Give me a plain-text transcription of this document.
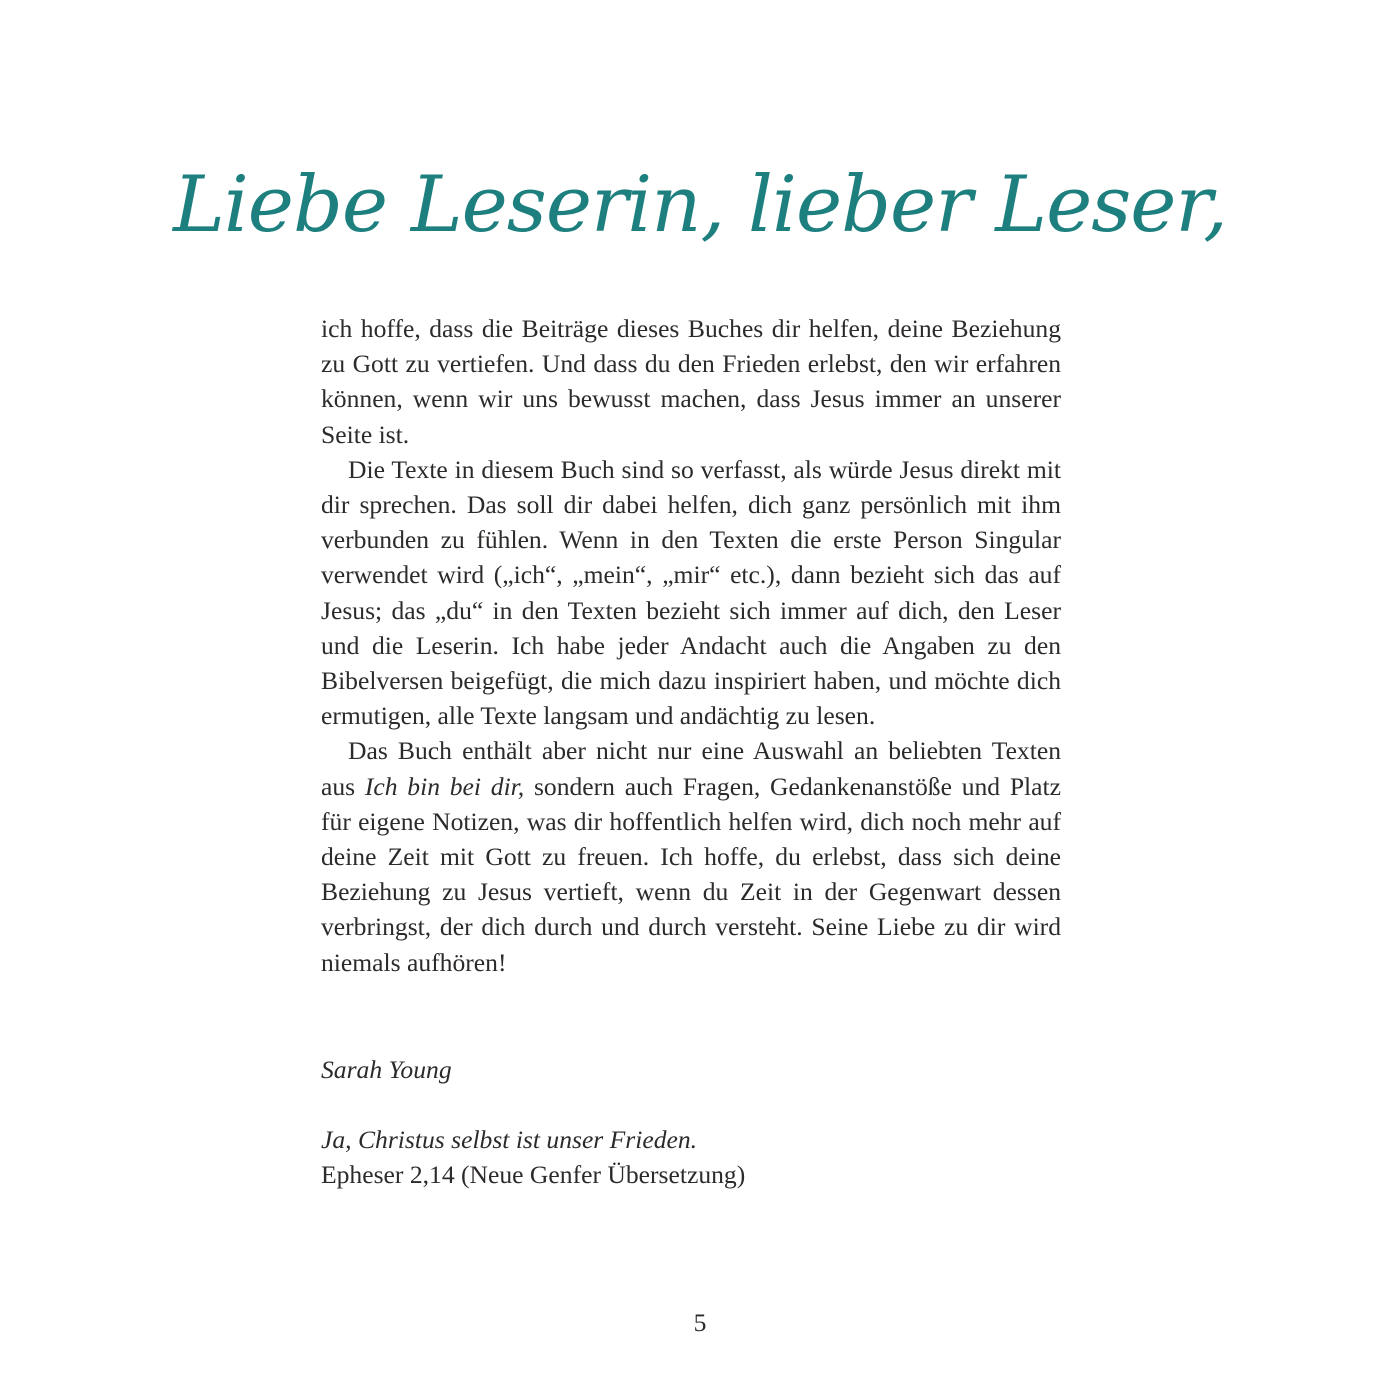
Liebe Leserin, lieber Leser,

ich hoffe, dass die Beiträge dieses Buches dir helfen, deine Beziehung zu Gott zu vertiefen. Und dass du den Frieden erlebst, den wir erfahren können, wenn wir uns bewusst machen, dass Jesus immer an unserer Seite ist.

Die Texte in diesem Buch sind so verfasst, als würde Jesus direkt mit dir sprechen. Das soll dir dabei helfen, dich ganz persönlich mit ihm verbunden zu fühlen. Wenn in den Texten die erste Person Singular verwendet wird („ich“, „mein“, „mir“ etc.), dann bezieht sich das auf Jesus; das „du“ in den Texten bezieht sich immer auf dich, den Leser und die Leserin. Ich habe jeder Andacht auch die Angaben zu den Bibelversen beigefügt, die mich dazu inspiriert haben, und möchte dich ermutigen, alle Texte langsam und andächtig zu lesen.

Das Buch enthält aber nicht nur eine Auswahl an beliebten Texten aus Ich bin bei dir, sondern auch Fragen, Gedankenanstöße und Platz für eigene Notizen, was dir hoffentlich helfen wird, dich noch mehr auf deine Zeit mit Gott zu freuen. Ich hoffe, du erlebst, dass sich deine Beziehung zu Jesus vertieft, wenn du Zeit in der Gegenwart dessen verbringst, der dich durch und durch versteht. Seine Liebe zu dir wird niemals aufhören!

Sarah Young
Ja, Christus selbst ist unser Frieden.
Epheser 2,14 (Neue Genfer Übersetzung)
5
